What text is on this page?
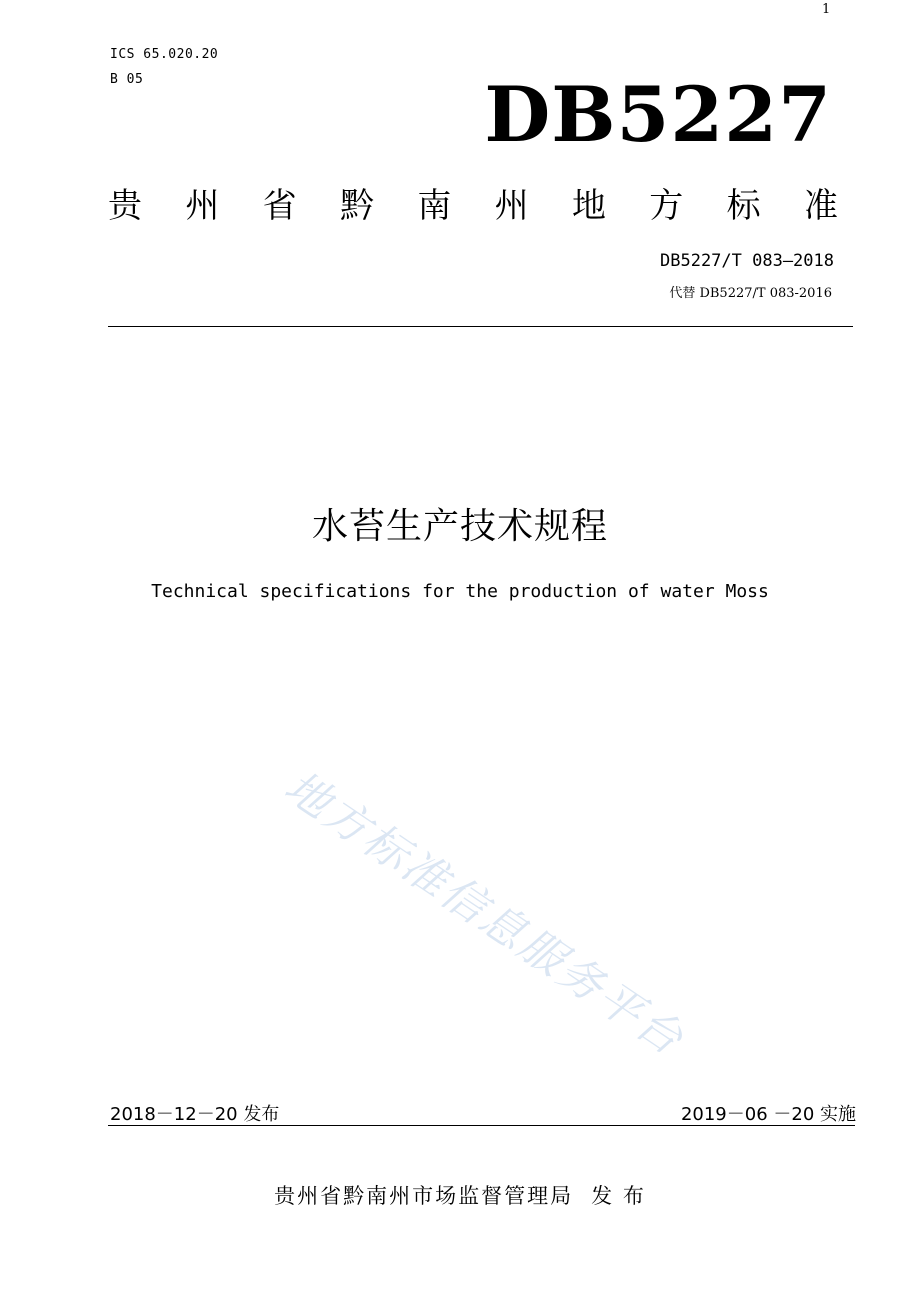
1
ICS 65.020.20
B 05	DB5227
贵 州 省 黔 南 州 地 方 标 准
DB5227/T 083—2018
代替 DB5227/T 083-2016
水苔生产技术规程
Technical specifications for the production of water Moss
地方标准信息服务平台
2018－12－20 发布	2019－06 －20 实施
贵州省黔南州市场监督管理局 发 布
